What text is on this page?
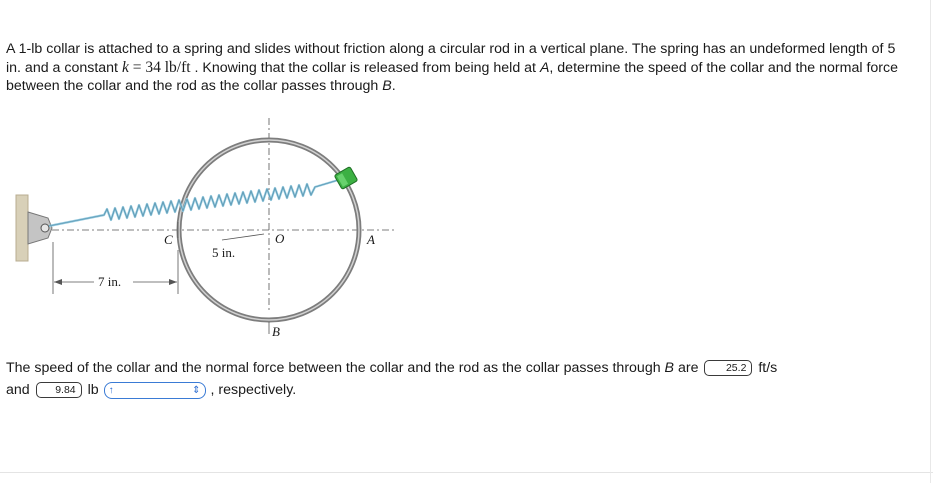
A 1-lb collar is attached to a spring and slides without friction along a circular rod in a vertical plane. The spring has an undeformed length of 5 in. and a constant k = 34 lb/ft . Knowing that the collar is released from being held at A, determine the speed of the collar and the normal force between the collar and the rod as the collar passes through B.

C	O	A
B
5 in.
7 in.

The speed of the collar and the normal force between the collar and the rod as the collar passes through B are 25.2 ft/s
and 9.84 lb ↑	⇕ , respectively.
